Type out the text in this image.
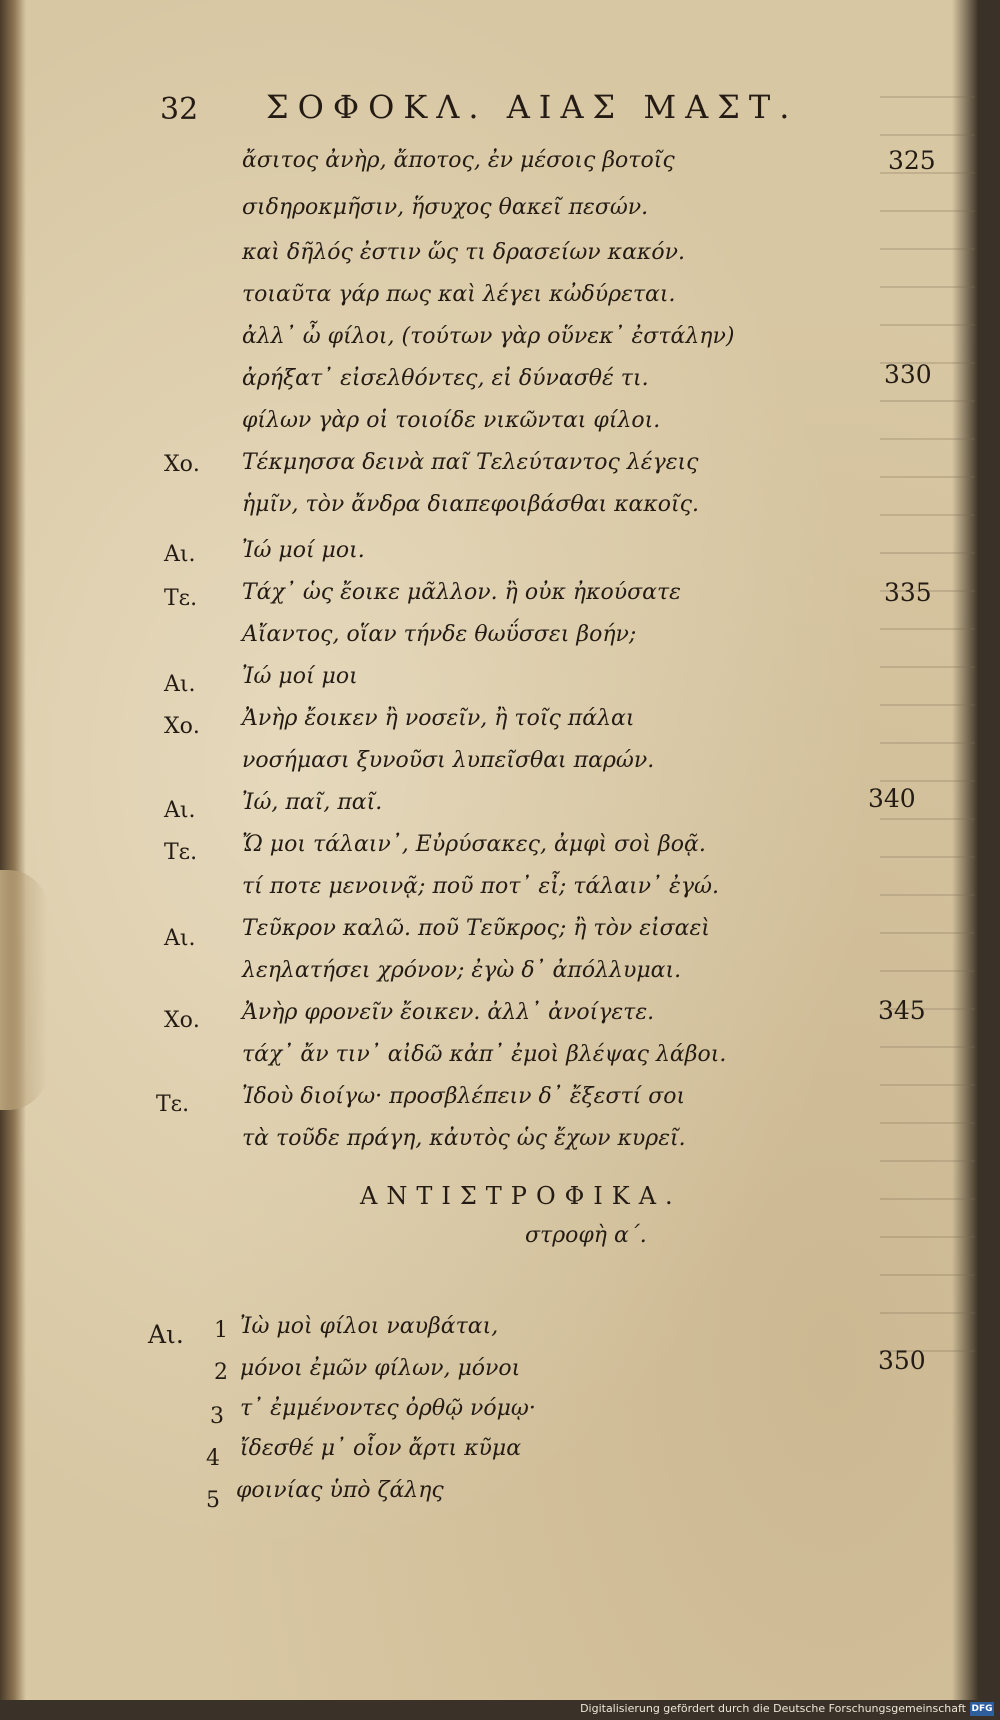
32 ΣΟΦΟΚΛ. ΑΙΑΣ ΜΑΣΤ.
ἄσιτος ἀνὴρ, ἄποτος, ἐν μέσοις βοτοῖς	325
σιδηροκμῆσιν, ἥσυχος θακεῖ πεσών.
καὶ δῆλός ἐστιν ὥς τι δρασείων κακόν.
τοιαῦτα γάρ πως καὶ λέγει κὠδύρεται.
ἀλλ᾽ ὦ φίλοι, (τούτων γὰρ οὕνεκ᾽ ἐστάλην)
ἀρήξατ᾽ εἰσελθόντες, εἰ δύνασθέ τι.	330
φίλων γὰρ οἱ τοιοίδε νικῶνται φίλοι.
Χο. Τέκμησσα δεινὰ παῖ Τελεύταντος λέγεις
ἡμῖν, τὸν ἄνδρα διαπεφοιβάσθαι κακοῖς.
Αι. Ἰώ μοί μοι.
Τε. Τάχ᾽ ὡς ἔοικε μᾶλλον. ἢ οὐκ ἠκούσατε	335
Αἴαντος, οἵαν τήνδε θωΰσσει βοήν;
Αι. Ἰώ μοί μοι
Χο. Ἀνὴρ ἔοικεν ἢ νοσεῖν, ἢ τοῖς πάλαι
νοσήμασι ξυνοῦσι λυπεῖσθαι παρών.
Αι. Ἰώ, παῖ, παῖ.	340
Τε. Ὤ μοι τάλαιν᾽, Εὐρύσακες, ἀμφὶ σοὶ βοᾷ.
τί ποτε μενοινᾷ; ποῦ ποτ᾽ εἶ; τάλαιν᾽ ἐγώ.
Αι. Τεῦκρον καλῶ. ποῦ Τεῦκρος; ἢ τὸν εἰσαεὶ
λεηλατήσει χρόνον; ἐγὼ δ᾽ ἀπόλλυμαι.
Χο. Ἀνὴρ φρονεῖν ἔοικεν. ἀλλ᾽ ἀνοίγετε.	345
τάχ᾽ ἄν τιν᾽ αἰδῶ κἀπ᾽ ἐμοὶ βλέψας λάβοι.
Τε. Ἰδοὺ διοίγω· προσβλέπειν δ᾽ ἔξεστί σοι
τὰ τοῦδε πράγη, κἀυτὸς ὡς ἔχων κυρεῖ.
ΑΝΤΙΣΤΡΟΦΙΚΑ.
στροφὴ α΄.
Αι. 1 Ἰὼ μοὶ φίλοι ναυβάται,
2 μόνοι ἐμῶν φίλων, μόνοι	350
3 τ᾽ ἐμμένοντες ὀρθῷ νόμῳ·
4 ἴδεσθέ μ᾽ οἷον ἄρτι κῦμα
5 φοινίας ὑπὸ ζάλης
Digitalisierung gefördert durch die Deutsche Forschungsgemeinschaft DFG
